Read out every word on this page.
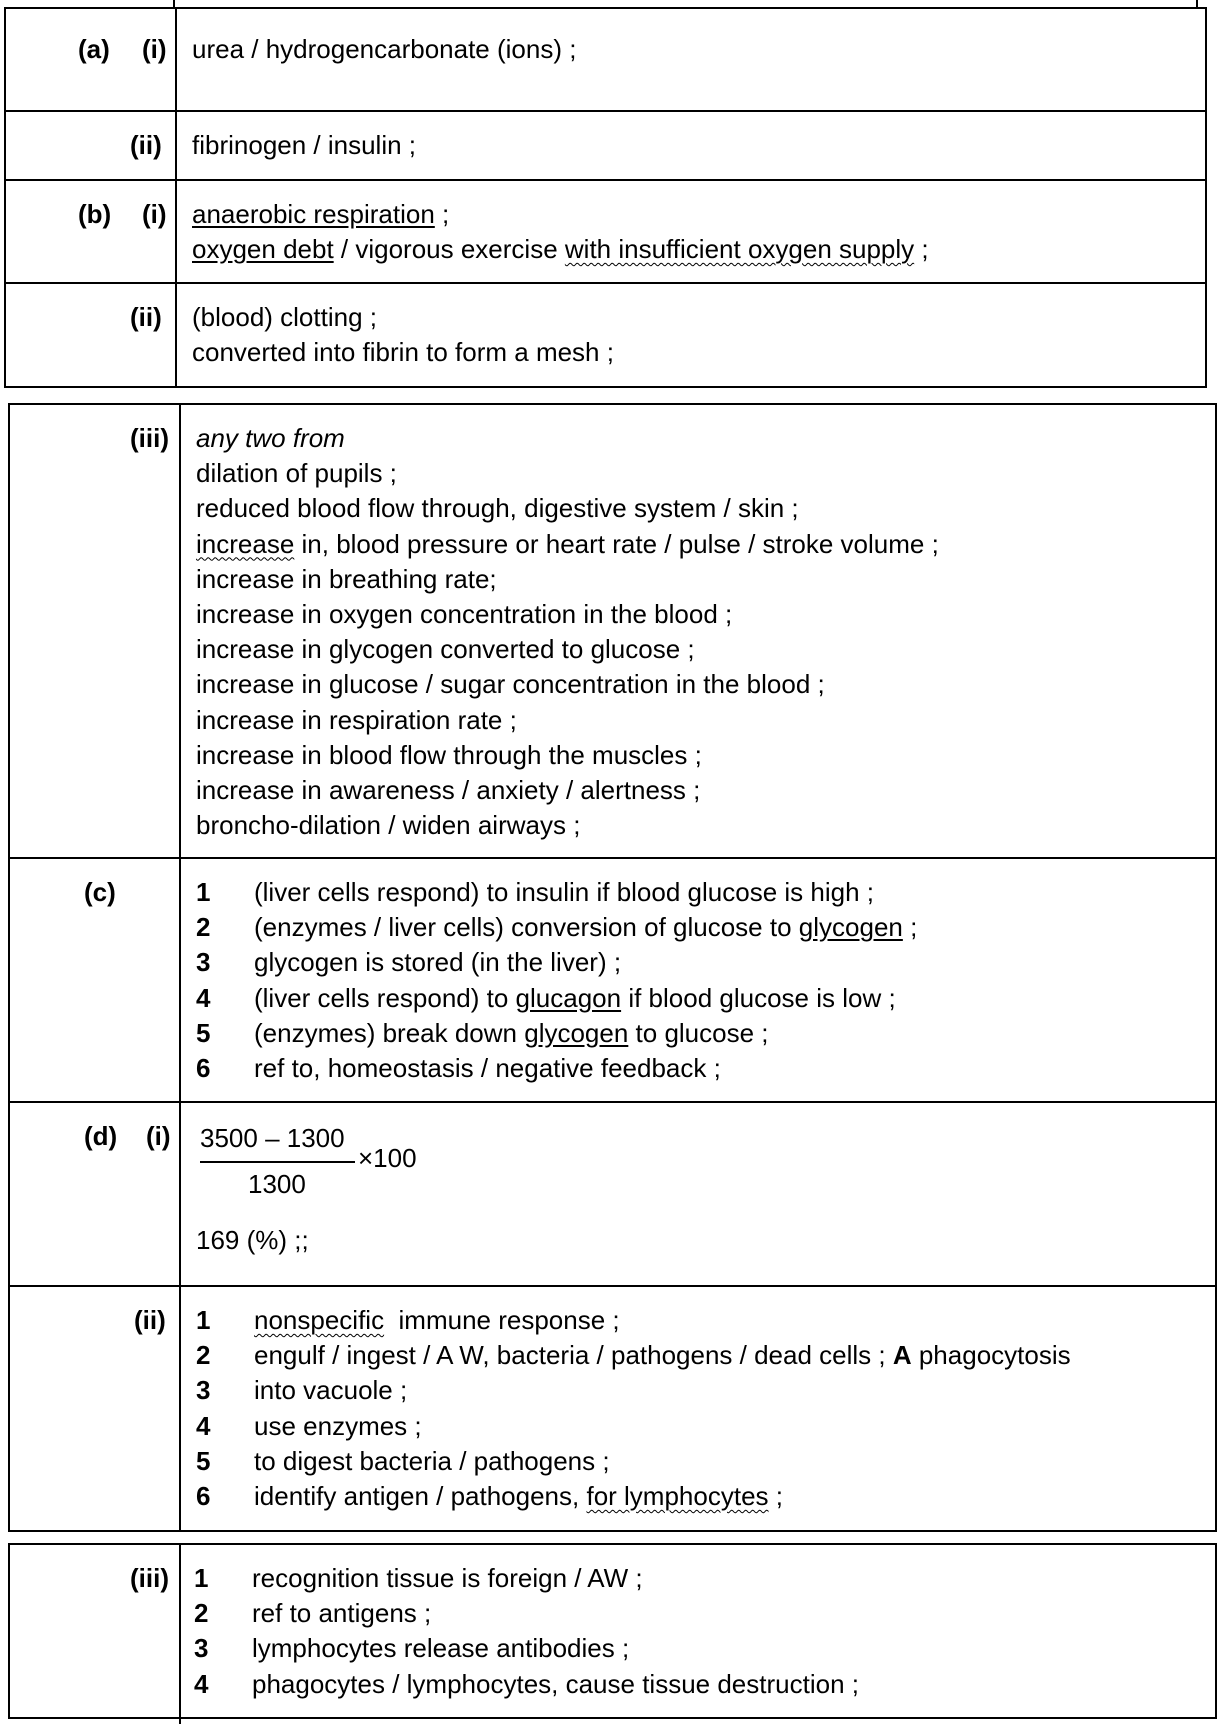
(a) (i) urea / hydrogencarbonate (ions) ;
(ii) fibrinogen / insulin ;
(b) (i) anaerobic respiration ;
oxygen debt / vigorous exercise with insufficient oxygen supply ;
(ii) (blood) clotting ;
converted into fibrin to form a mesh ;
(iii) any two from
dilation of pupils ;
reduced blood flow through, digestive system / skin ;
increase in, blood pressure or heart rate / pulse / stroke volume ;
increase in breathing rate;
increase in oxygen concentration in the blood ;
increase in glycogen converted to glucose ;
increase in glucose / sugar concentration in the blood ;
increase in respiration rate ;
increase in blood flow through the muscles ;
increase in awareness / anxiety / alertness ;
broncho-dilation / widen airways ;
(c)	1 (liver cells respond) to insulin if blood glucose is high ;
2 (enzymes / liver cells) conversion of glucose to glycogen ;
3 glycogen is stored (in the liver) ;
4 (liver cells respond) to glucagon if blood glucose is low ;
5 (enzymes) break down glycogen to glucose ;
6 ref to, homeostasis / negative feedback ;
(d) (i) 3500 – 1300
1300
×100
169 (%) ;;
(ii) 1 nonspecific  immune response ;
2 engulf / ingest / A W, bacteria / pathogens / dead cells ; A phagocytosis
3 into vacuole ;
4 use enzymes ;
5 to digest bacteria / pathogens ;
6 identify antigen / pathogens, for lymphocytes ;
(iii) 1 recognition tissue is foreign / AW ;
2 ref to antigens ;
3 lymphocytes release antibodies ;
4 phagocytes / lymphocytes, cause tissue destruction ;
